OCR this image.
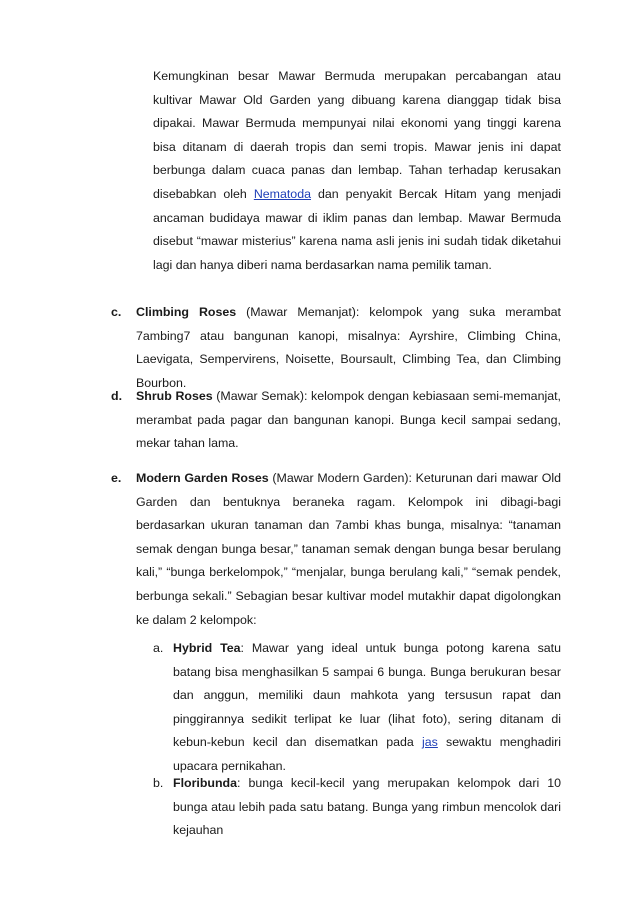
Kemungkinan besar Mawar Bermuda merupakan percabangan atau kultivar Mawar Old Garden yang dibuang karena dianggap tidak bisa dipakai. Mawar Bermuda mempunyai nilai ekonomi yang tinggi karena bisa ditanam di daerah tropis dan semi tropis. Mawar jenis ini dapat berbunga dalam cuaca panas dan lembap. Tahan terhadap kerusakan disebabkan oleh Nematoda dan penyakit Bercak Hitam yang menjadi ancaman budidaya mawar di iklim panas dan lembap. Mawar Bermuda disebut “mawar misterius” karena nama asli jenis ini sudah tidak diketahui lagi dan hanya diberi nama berdasarkan nama pemilik taman.

c. Climbing Roses (Mawar Memanjat): kelompok yang suka merambat 7ambing7 atau bangunan kanopi, misalnya: Ayrshire, Climbing China, Laevigata, Sempervirens, Noisette, Boursault, Climbing Tea, dan Climbing Bourbon.

d. Shrub Roses (Mawar Semak): kelompok dengan kebiasaan semi-memanjat, merambat pada pagar dan bangunan kanopi. Bunga kecil sampai sedang, mekar tahan lama.

e. Modern Garden Roses (Mawar Modern Garden): Keturunan dari mawar Old Garden dan bentuknya beraneka ragam. Kelompok ini dibagi-bagi berdasarkan ukuran tanaman dan 7ambi khas bunga, misalnya: “tanaman semak dengan bunga besar,” tanaman semak dengan bunga besar berulang kali,” “bunga berkelompok,” “menjalar, bunga berulang kali,” “semak pendek, berbunga sekali.” Sebagian besar kultivar model mutakhir dapat digolongkan ke dalam 2 kelompok:

a. Hybrid Tea: Mawar yang ideal untuk bunga potong karena satu batang bisa menghasilkan 5 sampai 6 bunga. Bunga berukuran besar dan anggun, memiliki daun mahkota yang tersusun rapat dan pinggirannya sedikit terlipat ke luar (lihat foto), sering ditanam di kebun-kebun kecil dan disematkan pada jas sewaktu menghadiri upacara pernikahan.

b. Floribunda: bunga kecil-kecil yang merupakan kelompok dari 10 bunga atau lebih pada satu batang. Bunga yang rimbun mencolok dari kejauhan
